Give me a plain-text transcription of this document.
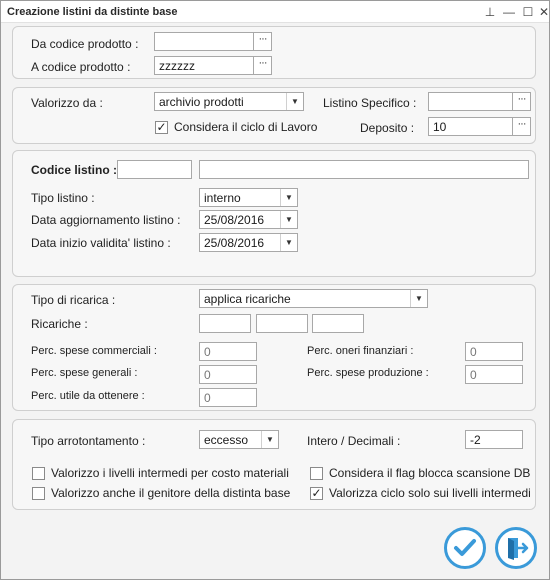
Creazione listini da distinte base	⊥ — ☐ ✕
Da codice prodotto :	···
A codice prodotto :	zzzzzz	···
Valorizzo da :	archivio prodotti	▼	Listino Specifico :	···
✓ Considera il ciclo di Lavoro	Deposito :	10	···
Codice listino :
Tipo listino :	interno	▼
Data aggiornamento listino :	25/08/2016	▼
Data inizio validita' listino :	25/08/2016	▼
Tipo di ricarica :	applica ricariche	▼
Ricariche :
Perc. spese commerciali :	0	Perc. oneri finanziari :	0
Perc. spese generali :	0	Perc. spese produzione :	0
Perc. utile da ottenere :	0
Tipo arrotontamento :	eccesso	▼	Intero / Decimali :	-2
Valorizzo i livelli intermedi per costo materiali	Considera il flag blocca scansione DB
Valorizzo anche il genitore della distinta base ✓ Valorizza ciclo solo sui livelli intermedi
